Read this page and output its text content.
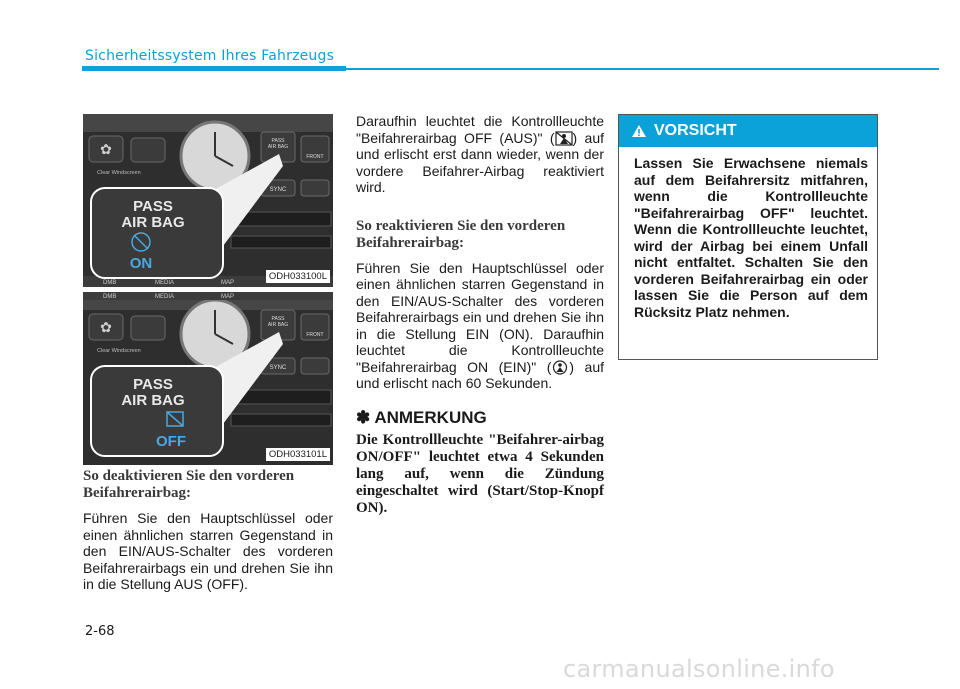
Sicherheitssystem Ihres Fahrzeugs
✿
Clear Windscreen
PASS
AIR BAG
FRONT
SYNC
DMB	MEDIA	MAP
PASS
AIR BAG
ON
ODH033100L
✿
Clear Windscreen
PASS
AIR BAG
FRONT
SYNC
DMB	MEDIA	MAP
PASS
AIR BAG
OFF
ODH033101L
So deaktivieren Sie den vorderen Beifahrerairbag:

Führen Sie den Hauptschlüssel oder einen ähnlichen starren Gegenstand in den EIN/AUS-Schalter des vorderen Beifahrerairbags ein und drehen Sie ihn in die Stellung AUS (OFF).

Daraufhin leuchtet die Kontrollleuchte "Beifahrerairbag OFF (AUS)" ( ) auf und erlischt erst dann wieder, wenn der vordere Beifahrer-Airbag reaktiviert wird.

So reaktivieren Sie den vorderen Beifahrerairbag:

Führen Sie den Hauptschlüssel oder einen ähnlichen starren Gegenstand in den EIN/AUS-Schalter des vorderen Beifahrerairbags ein und drehen Sie ihn in die Stellung EIN (ON). Daraufhin leuchtet die Kontrollleuchte "Beifahrerairbag ON (EIN)" ( ) auf und erlischt nach 60 Sekunden.

✽ ANMERKUNG
Die Kontrollleuchte "Beifahrer-airbag ON/OFF" leuchtet etwa 4 Sekunden lang auf, wenn die Zündung eingeschaltet wird (Start/Stop-Knopf ON).
VORSICHT
Lassen Sie Erwachsene niemals auf dem Beifahrersitz mitfahren, wenn die Kontrollleuchte "Beifahrerairbag OFF" leuchtet. Wenn die Kontrollleuchte leuchtet, wird der Airbag bei einem Unfall nicht entfaltet. Schalten Sie den vorderen Beifahrerairbag ein oder lassen Sie die Person auf dem Rücksitz Platz nehmen.
2-68
carmanualsonline.info
